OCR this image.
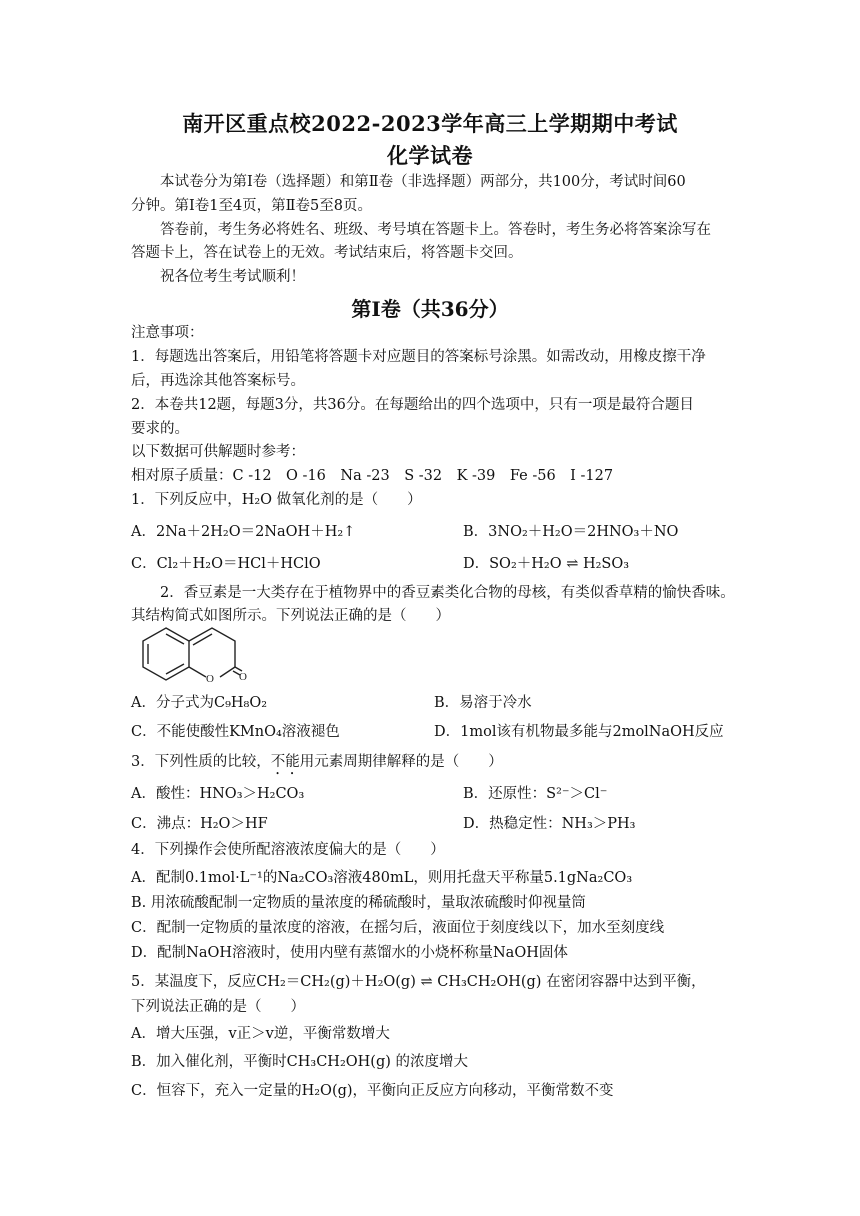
南开区重点校2022-2023学年高三上学期期中考试
化学试卷
本试卷分为第Ⅰ卷（选择题）和第Ⅱ卷（非选择题）两部分，共100分，考试时间60
分钟。第Ⅰ卷1至4页，第Ⅱ卷5至8页。
答卷前，考生务必将姓名、班级、考号填在答题卡上。答卷时，考生务必将答案涂写在
答题卡上，答在试卷上的无效。考试结束后，将答题卡交回。
祝各位考生考试顺利！
第Ⅰ卷（共36分）
注意事项：
1．每题选出答案后，用铅笔将答题卡对应题目的答案标号涂黑。如需改动，用橡皮擦干净
后，再选涂其他答案标号。
2．本卷共12题，每题3分，共36分。在每题给出的四个选项中，只有一项是最符合题目
要求的。
以下数据可供解题时参考：
相对原子质量：C -12　O -16　Na -23　S -32　K -39　Fe -56　I -127
1．下列反应中，H₂O 做氧化剂的是（　　）
A．2Na＋2H₂O＝2NaOH＋H₂↑	B．3NO₂＋H₂O＝2HNO₃＋NO
C．Cl₂＋H₂O＝HCl＋HClO	D．SO₂＋H₂O ⇌ H₂SO₃
2．香豆素是一大类存在于植物界中的香豆素类化合物的母核，有类似香草精的愉快香味。
其结构简式如图所示。下列说法正确的是（　　）
O O
A．分子式为C₉H₈O₂	B．易溶于冷水
C．不能使酸性KMnO₄溶液褪色	D．1mol该有机物最多能与2molNaOH反应
3．下列性质的比较，不能用元素周期律解释的是（　　）
A．酸性：HNO₃＞H₂CO₃	B．还原性：S²⁻＞Cl⁻
C．沸点：H₂O＞HF	D．热稳定性：NH₃＞PH₃
4．下列操作会使所配溶液浓度偏大的是（　　）
A．配制0.1mol·L⁻¹的Na₂CO₃溶液480mL，则用托盘天平称量5.1gNa₂CO₃
B. 用浓硫酸配制一定物质的量浓度的稀硫酸时，量取浓硫酸时仰视量筒
C．配制一定物质的量浓度的溶液，在摇匀后，液面位于刻度线以下，加水至刻度线
D．配制NaOH溶液时，使用内壁有蒸馏水的小烧杯称量NaOH固体
5．某温度下，反应CH₂＝CH₂(g)＋H₂O(g) ⇌ CH₃CH₂OH(g) 在密闭容器中达到平衡，
下列说法正确的是（　　）
A．增大压强，v正＞v逆，平衡常数增大
B．加入催化剂，平衡时CH₃CH₂OH(g) 的浓度增大
C．恒容下，充入一定量的H₂O(g)，平衡向正反应方向移动，平衡常数不变
